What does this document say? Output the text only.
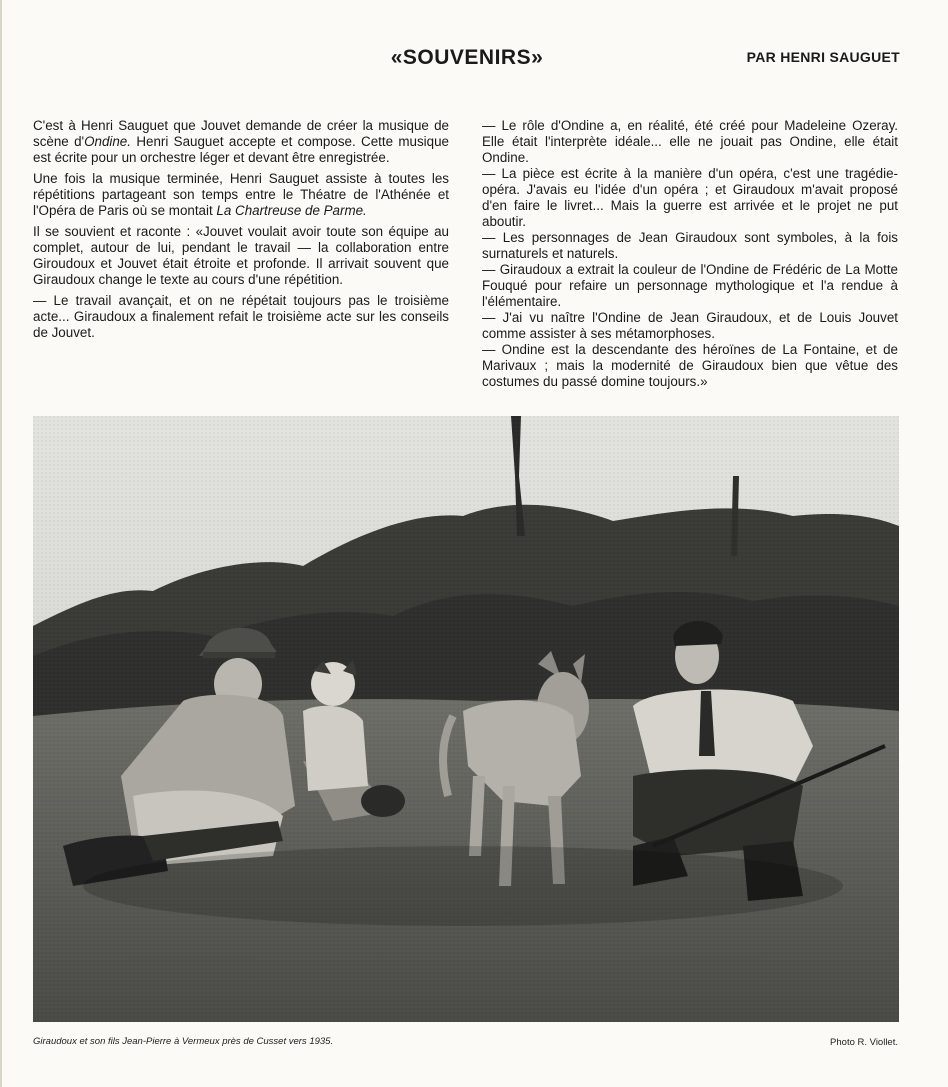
«SOUVENIRS»	PAR HENRI SAUGUET

C'est à Henri Sauguet que Jouvet demande de créer la musique de scène d'Ondine. Henri Sauguet accepte et compose. Cette musique est écrite pour un orchestre léger et devant être enregistrée.

Une fois la musique terminée, Henri Sauguet assiste à toutes les répétitions partageant son temps entre le Théatre de l'Athénée et l'Opéra de Paris où se montait La Chartreuse de Parme.

Il se souvient et raconte : «Jouvet voulait avoir toute son équipe au complet, autour de lui, pendant le travail — la collaboration entre Giroudoux et Jouvet était étroite et profonde. Il arrivait souvent que Giraudoux change le texte au cours d'une répétition.

— Le travail avançait, et on ne répétait toujours pas le troisième acte... Giraudoux a finalement refait le troisième acte sur les conseils de Jouvet.

— Le rôle d'Ondine a, en réalité, été créé pour Madeleine Ozeray. Elle était l'interprète idéale... elle ne jouait pas Ondine, elle était Ondine.

— La pièce est écrite à la manière d'un opéra, c'est une tragédie-opéra. J'avais eu l'idée d'un opéra ; et Giraudoux m'avait proposé d'en faire le livret... Mais la guerre est arrivée et le projet ne put aboutir.

— Les personnages de Jean Giraudoux sont symboles, à la fois surnaturels et naturels.

— Giraudoux a extrait la couleur de l'Ondine de Frédéric de La Motte Fouqué pour refaire un personnage mythologique et l'a rendue à l'élémentaire.

— J'ai vu naître l'Ondine de Jean Giraudoux, et de Louis Jouvet comme assister à ses métamorphoses.

— Ondine est la descendante des héroïnes de La Fontaine, et de Marivaux ; mais la modernité de Giraudoux bien que vêtue des costumes du passé domine toujours.»

Giraudoux et son fils Jean-Pierre à Vermeux près de Cusset vers 1935.	Photo R. Viollet.
